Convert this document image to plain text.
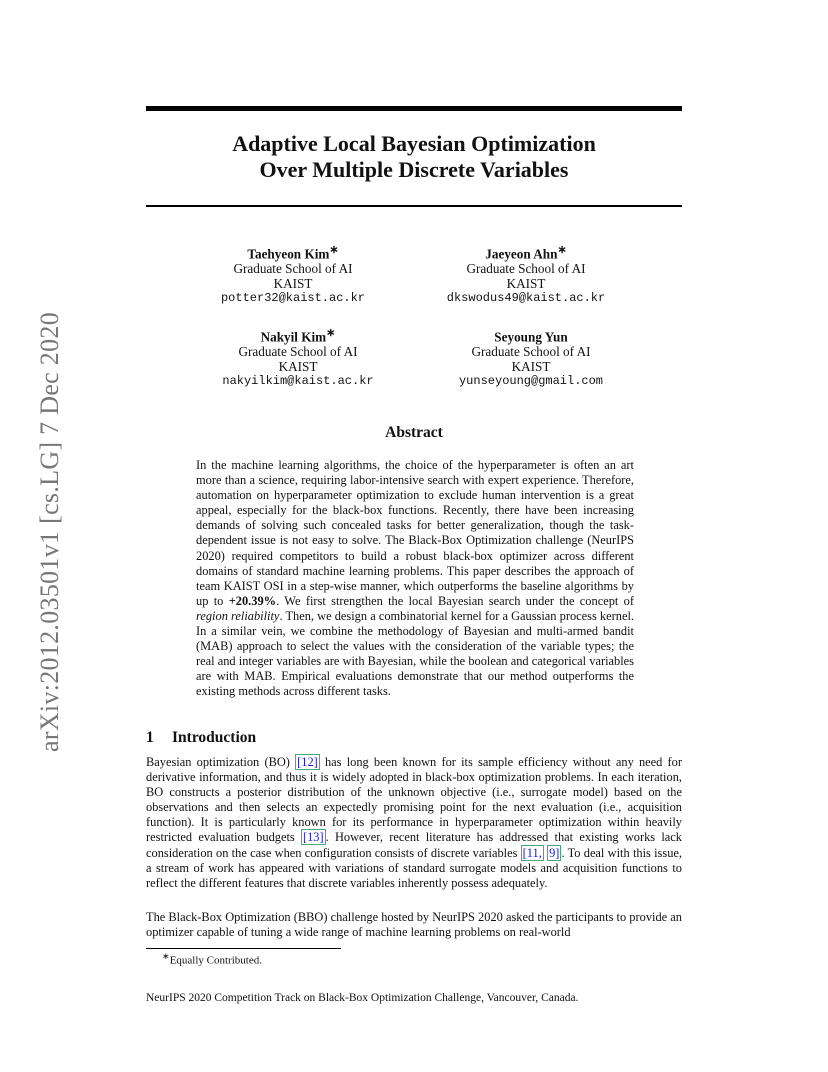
arXiv:2012.03501v1 [cs.LG] 7 Dec 2020
Adaptive Local Bayesian Optimization
Over Multiple Discrete Variables
Taehyeon Kim∗
Graduate School of AI
KAIST
potter32@kaist.ac.kr
Jaeyeon Ahn∗
Graduate School of AI
KAIST
dkswodus49@kaist.ac.kr
Nakyil Kim∗
Graduate School of AI
KAIST
nakyilkim@kaist.ac.kr
Seyoung Yun
Graduate School of AI
KAIST
yunseyoung@gmail.com
Abstract
In the machine learning algorithms, the choice of the hyperparameter is often an art more than a science, requiring labor-intensive search with expert experience. Therefore, automation on hyperparameter optimization to exclude human intervention is a great appeal, especially for the black-box functions. Recently, there have been increasing demands of solving such concealed tasks for better generalization, though the task-dependent issue is not easy to solve. The Black-Box Optimization challenge (NeurIPS 2020) required competitors to build a robust black-box optimizer across different domains of standard machine learning problems. This paper describes the approach of team KAIST OSI in a step-wise manner, which outperforms the baseline algorithms by up to +20.39%. We first strengthen the local Bayesian search under the concept of region reliability. Then, we design a combinatorial kernel for a Gaussian process kernel. In a similar vein, we combine the methodology of Bayesian and multi-armed bandit (MAB) approach to select the values with the consideration of the variable types; the real and integer variables are with Bayesian, while the boolean and categorical variables are with MAB. Empirical evaluations demonstrate that our method outperforms the existing methods across different tasks.
1 Introduction
Bayesian optimization (BO) [12] has long been known for its sample efficiency without any need for derivative information, and thus it is widely adopted in black-box optimization problems. In each iteration, BO constructs a posterior distribution of the unknown objective (i.e., surrogate model) based on the observations and then selects an expectedly promising point for the next evaluation (i.e., acquisition function). It is particularly known for its performance in hyperparameter optimization within heavily restricted evaluation budgets [13] . However, recent literature has addressed that existing works lack consideration on the case when configuration consists of discrete variables [11, 9] . To deal with this issue, a stream of work has appeared with variations of standard surrogate models and acquisition functions to reflect the different features that discrete variables inherently possess adequately.
The Black-Box Optimization (BBO) challenge hosted by NeurIPS 2020 asked the participants to provide an optimizer capable of tuning a wide range of machine learning problems on real-world
∗Equally Contributed.
NeurIPS 2020 Competition Track on Black-Box Optimization Challenge, Vancouver, Canada.
